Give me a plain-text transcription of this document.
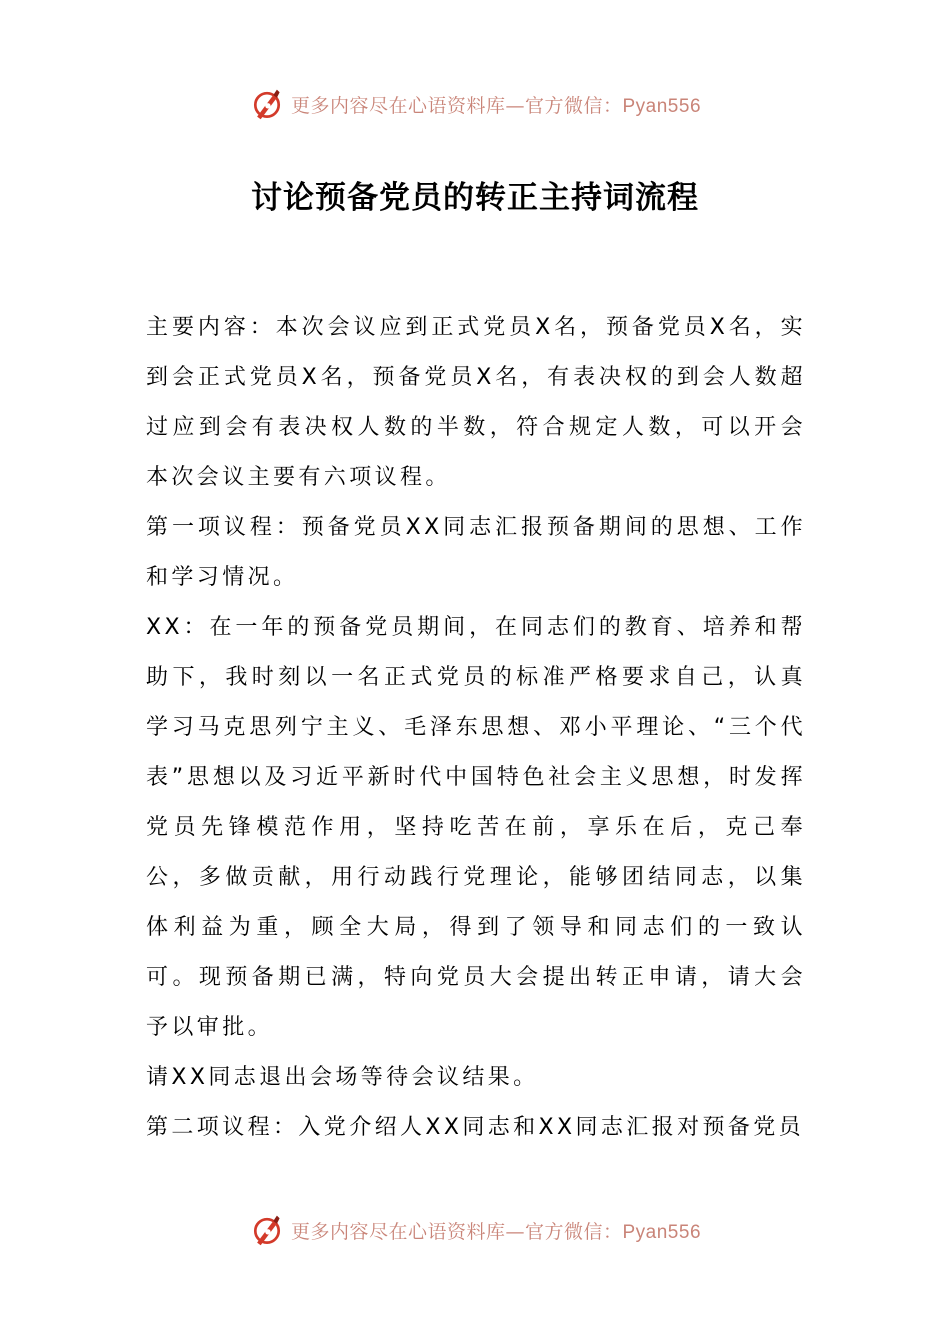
更多内容尽在心语资料库—官方微信：Pyan556
讨论预备党员的转正主持词流程

主要内容：本次会议应到正式党员X名，预备党员X名，实到会正式党员X名，预备党员X名，有表决权的到会人数超过应到会有表决权人数的半数，符合规定人数，可以开会本次会议主要有六项议程。

第一项议程：预备党员XX同志汇报预备期间的思想、工作和学习情况。

XX：在一年的预备党员期间，在同志们的教育、培养和帮助下，我时刻以一名正式党员的标准严格要求自己，认真学习马克思列宁主义、毛泽东思想、邓小平理论、“三个代表”思想以及习近平新时代中国特色社会主义思想，时发挥党员先锋模范作用，坚持吃苦在前，享乐在后，克己奉公，多做贡献，用行动践行党理论，能够团结同志，以集体利益为重，顾全大局，得到了领导和同志们的一致认可。现预备期已满，特向党员大会提出转正申请，请大会予以审批。

请XX同志退出会场等待会议结果。

第二项议程：入党介绍人XX同志和XX同志汇报对预备党员

更多内容尽在心语资料库—官方微信：Pyan556
